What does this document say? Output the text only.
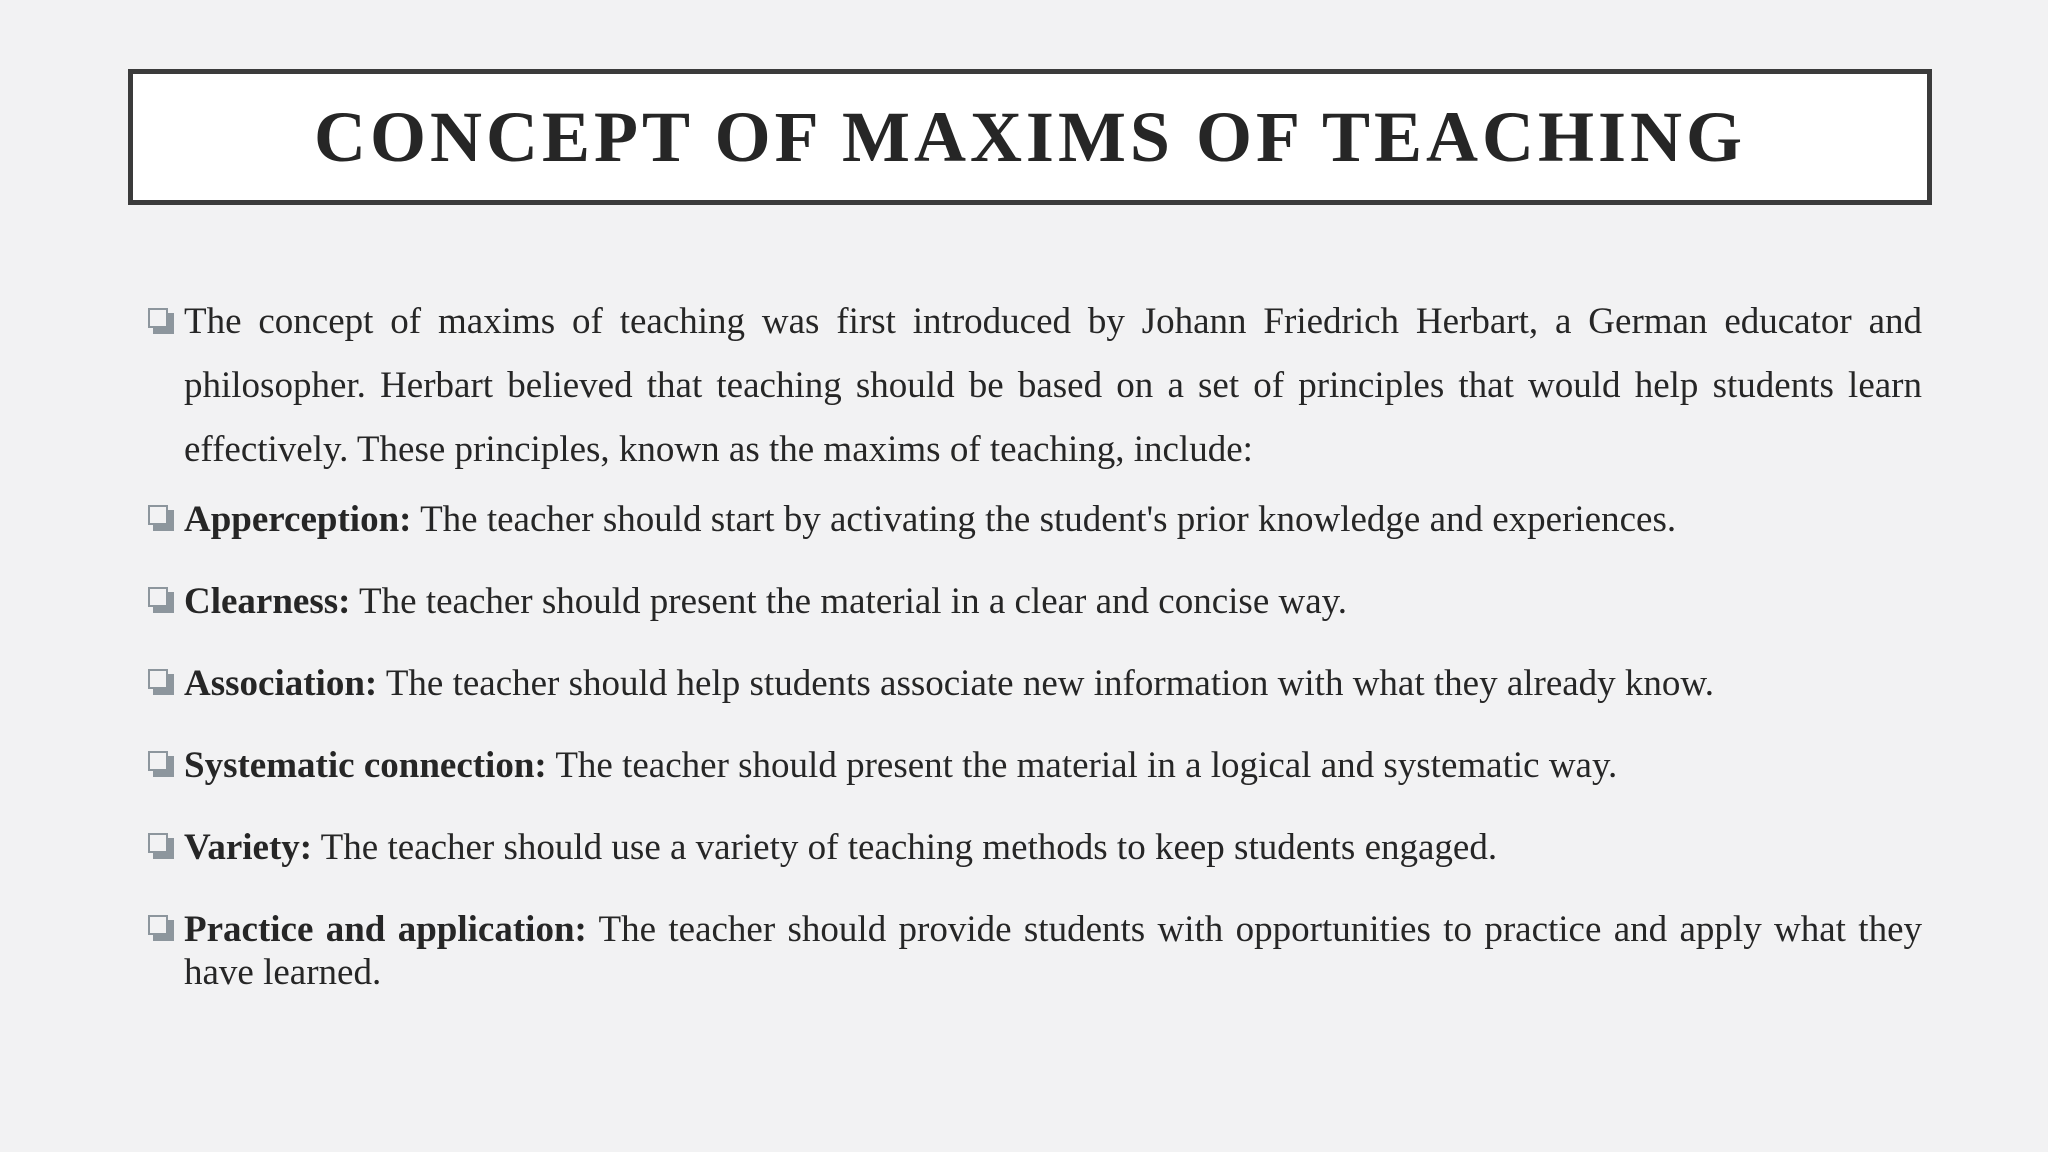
CONCEPT OF MAXIMS OF TEACHING
The concept of maxims of teaching was first introduced by Johann Friedrich Herbart, a German educator and philosopher. Herbart believed that teaching should be based on a set of principles that would help students learn effectively. These principles, known as the maxims of teaching, include:
Apperception: The teacher should start by activating the student's prior knowledge and experiences.
Clearness: The teacher should present the material in a clear and concise way.
Association: The teacher should help students associate new information with what they already know.
Systematic connection: The teacher should present the material in a logical and systematic way.
Variety: The teacher should use a variety of teaching methods to keep students engaged.
Practice and application: The teacher should provide students with opportunities to practice and apply what they have learned.
